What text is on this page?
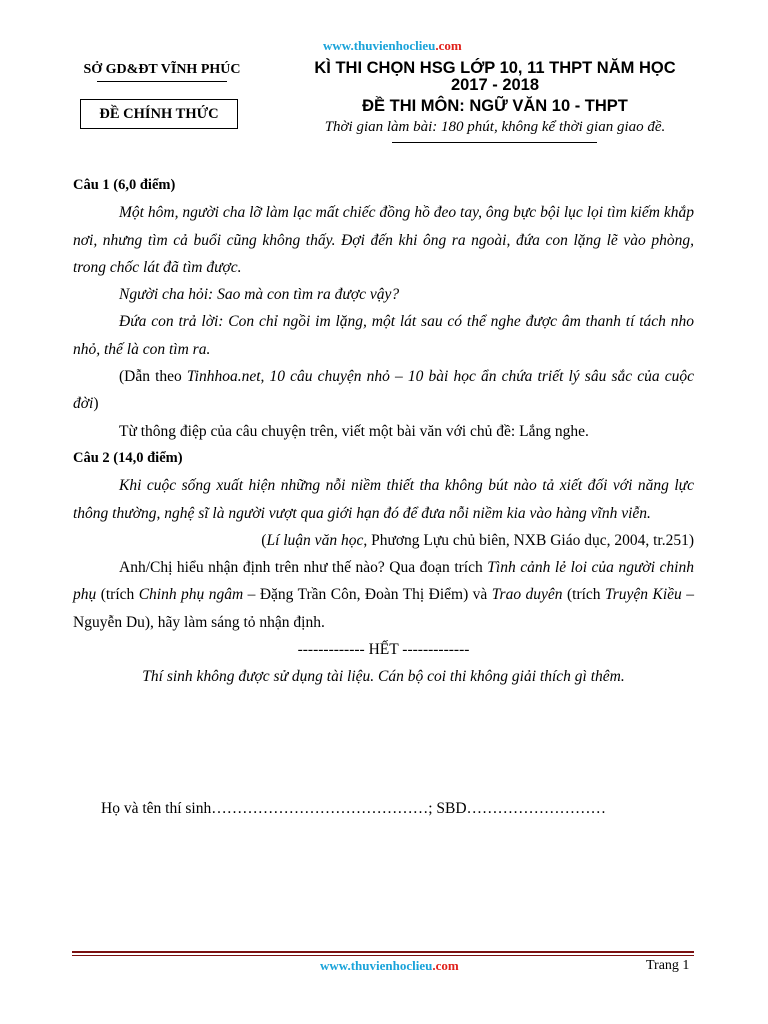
www.thuvienhoclieu.com
SỞ GD&ĐT VĨNH PHÚC
ĐỀ CHÍNH THỨC
KÌ THI CHỌN HSG LỚP 10, 11 THPT NĂM HỌC
2017 - 2018
ĐỀ THI MÔN: NGỮ VĂN 10 - THPT
Thời gian làm bài: 180 phút, không kể thời gian giao đề.

Câu 1 (6,0 điểm)

Một hôm, người cha lỡ làm lạc mất chiếc đồng hồ đeo tay, ông bực bội lục lọi tìm kiếm khắp nơi, nhưng tìm cả buổi cũng không thấy. Đợi đến khi ông ra ngoài, đứa con lặng lẽ vào phòng, trong chốc lát đã tìm được.

Người cha hỏi: Sao mà con tìm ra được vậy?

Đứa con trả lời: Con chỉ ngồi im lặng, một lát sau có thể nghe được âm thanh tí tách nho nhỏ, thế là con tìm ra.

(Dẫn theo Tinhhoa.net, 10 câu chuyện nhỏ – 10 bài học ẩn chứa triết lý sâu sắc của cuộc đời)

Từ thông điệp của câu chuyện trên, viết một bài văn với chủ đề: Lắng nghe.

Câu 2 (14,0 điểm)

Khi cuộc sống xuất hiện những nỗi niềm thiết tha không bút nào tả xiết đối với năng lực thông thường, nghệ sĩ là người vượt qua giới hạn đó để đưa nỗi niềm kia vào hàng vĩnh viễn.

(Lí luận văn học, Phương Lựu chủ biên, NXB Giáo dục, 2004, tr.251)

Anh/Chị hiểu nhận định trên như thế nào? Qua đoạn trích Tình cảnh lẻ loi của người chinh phụ (trích Chinh phụ ngâm – Đặng Trần Côn, Đoàn Thị Điểm) và Trao duyên (trích Truyện Kiều – Nguyễn Du), hãy làm sáng tỏ nhận định.

------------- HẾT -------------

Thí sinh không được sử dụng tài liệu. Cán bộ coi thi không giải thích gì thêm.

Họ và tên thí sinh……………………………………; SBD………………………
www.thuvienhoclieu.com	Trang 1
